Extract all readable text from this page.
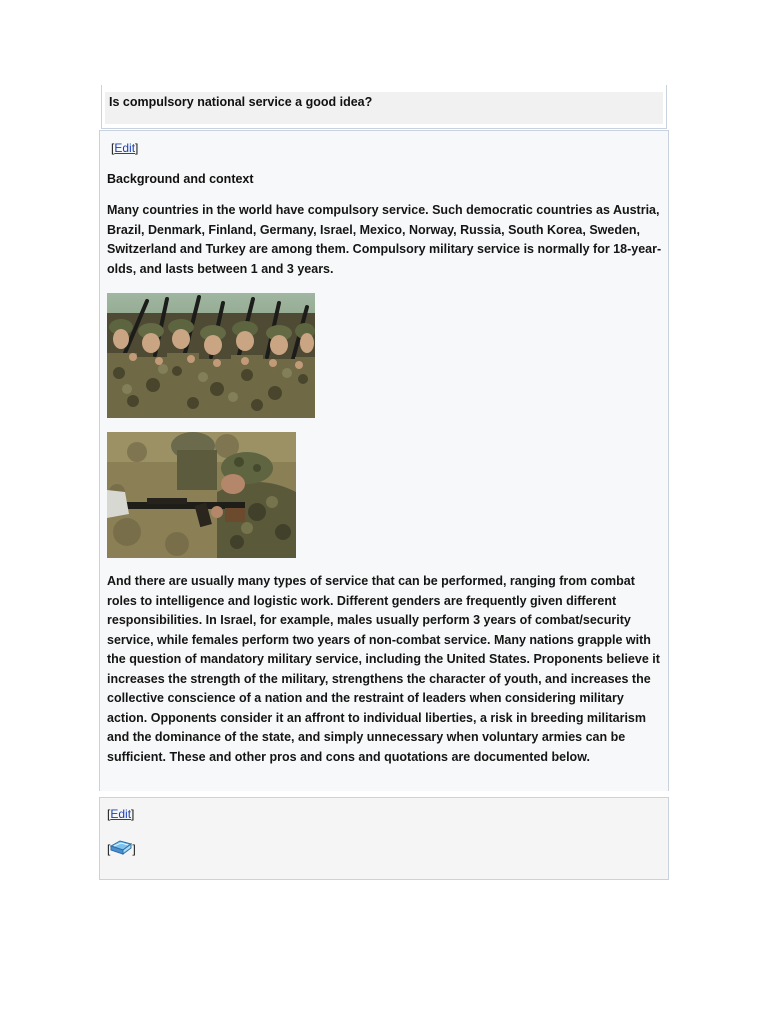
Is compulsory national service a good idea?
[Edit]
Background and context

Many countries in the world have compulsory service. Such democratic countries as Austria, Brazil, Denmark, Finland, Germany, Israel, Mexico, Norway, Russia, South Korea, Sweden, Switzerland and Turkey are among them. Compulsory military service is normally for 18-year-olds, and lasts between 1 and 3 years.

And there are usually many types of service that can be performed, ranging from combat roles to intelligence and logistic work. Different genders are frequently given different responsibilities. In Israel, for example, males usually perform 3 years of combat/security service, while females perform two years of non-combat service. Many nations grapple with the question of mandatory military service, including the United States. Proponents believe it increases the strength of the military, strengthens the character of youth, and increases the collective conscience of a nation and the restraint of leaders when considering military action. Opponents consider it an affront to individual liberties, a risk in breeding militarism and the dominance of the state, and simply unnecessary when voluntary armies can be sufficient. These and other pros and cons and quotations are documented below.

[Edit]
[ ]
